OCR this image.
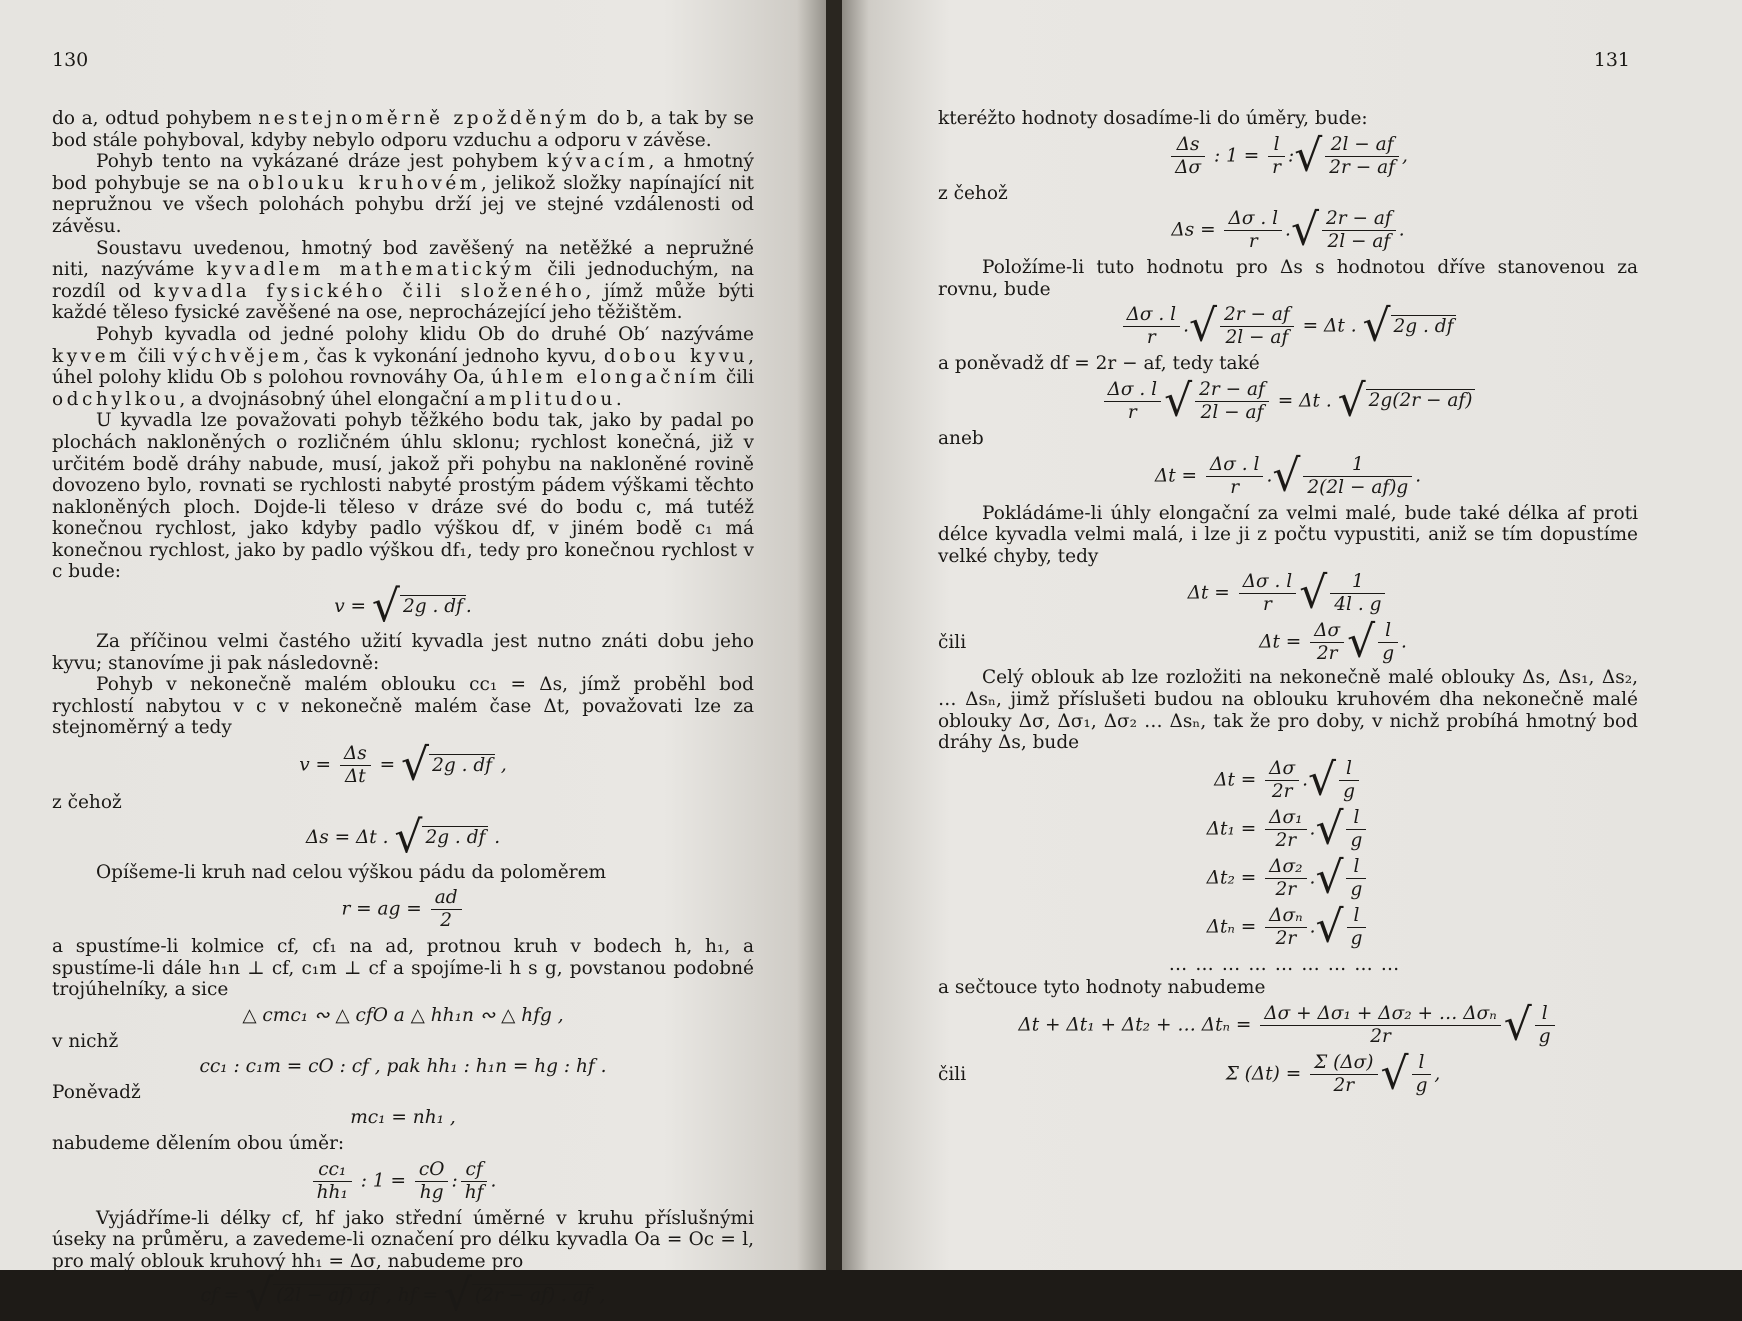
130

do a, odtud pohybem nestejnoměrně zpožděným do b, a tak by se bod stále pohyboval, kdyby nebylo odporu vzduchu a odporu v závěse.

Pohyb tento na vykázané dráze jest pohybem kývacím, a hmotný bod pohybuje se na oblouku kruhovém, jelikož složky napínající nit nepružnou ve všech polohách pohybu drží jej ve stejné vzdálenosti od závěsu.

Soustavu uvedenou, hmotný bod zavěšený na netěžké a nepružné niti, nazýváme kyvadlem mathematickým čili jednoduchým, na rozdíl od kyvadla fysického čili složeného, jímž může býti každé těleso fysické zavěšené na ose, neprocházející jeho těžištěm.

Pohyb kyvadla od jedné polohy klidu Ob do druhé Ob′ nazýváme kyvem čili výchvějem, čas k vykonání jednoho kyvu, dobou kyvu, úhel polohy klidu Ob s polohou rovnováhy Oa, úhlem elongačním čili odchylkou, a dvojnásobný úhel elongační amplitudou.

U kyvadla lze považovati pohyb těžkého bodu tak, jako by padal po plochách nakloněných o rozličném úhlu sklonu; rychlost konečná, již v určitém bodě dráhy nabude, musí, jakož při pohybu na nakloněné rovině dovozeno bylo, rovnati se rychlosti nabyté prostým pádem výškami těchto nakloněných ploch. Dojde-li těleso v dráze své do bodu c, má tutéž konečnou rychlost, jako kdyby padlo výškou df, v jiném bodě c₁ má konečnou rychlost, jako by padlo výškou df₁, tedy pro konečnou rychlost v c bude:

v = √ 2g . df .

Za příčinou velmi častého užití kyvadla jest nutno znáti dobu jeho kyvu; stanovíme ji pak následovně:

Pohyb v nekonečně malém oblouku cc₁ = Δs, jímž proběhl bod rychlostí nabytou v c v nekonečně malém čase Δt, považovati lze za stejnoměrný a tedy

$v = \frac{\Delta s}{\Delta t}$ = √ 2g . df ,
z čehož
Δs = Δt . √ 2g . df .

Opíšeme-li kruh nad celou výškou pádu da poloměrem

r = ag = $\frac{ad}{2}$

a spustíme-li kolmice cf, cf₁ na ad, protnou kruh v bodech h, h₁, a spustíme-li dále h₁n ⊥ cf, c₁m ⊥ cf a spojíme-li h s g, povstanou podobné trojúhelníky, a sice

△ cmc₁ ∾ △ cfO a △ hh₁n ∾ △ hfg ,
v nichž
cc₁ : c₁m = cO : cf , pak hh₁ : h₁n = hg : hf .
Poněvadž
mc₁ = nh₁ ,
nabudeme dělením obou úměr:
$\frac{\text{cc₁}}{\text{hh₁}}$ : $1 = \frac{cO}{hg}$ : $\frac{cf}{hf}$ .

Vyjádříme-li délky cf, hf jako střední úměrné v kruhu příslušnými úseky na průměru, a zavedeme-li označení pro délku kyvadla Oa = Oc = l, pro malý oblouk kruhový hh₁ = Δσ, nabudeme pro

cf = √ (2l − af) af , hf = √ (2r − af) . af ,
131
kteréžto hodnoty dosadíme-li do úměry, bude:
$\frac{\Delta s}{\Delta\sigma}$ : $1 = \frac{l}{r}$ :√ $\frac{2l - af}{2r - af}$ ,
z čehož
$\Delta s = \frac{\Delta\sigma . l}{r}$ .√ $\frac{2r - af}{2l - af}$ .

Položíme-li tuto hodnotu pro Δs s hodnotou dříve stanovenou za rovnu, bude

$\frac{\Delta\sigma . l}{r}$ .√ $\frac{2r - af}{2l - af} = \Delta t$ . √ 2g . df
a poněvadž df = 2r − af, tedy také
$\frac{\Delta\sigma . l}{r}$ √ $\frac{2r - af}{2l - af} = \Delta t$ . √ 2g(2r − af)
aneb
$\Delta t = \frac{\Delta\sigma . l}{r}$ .√ $\frac{1}{2(2l - af)g}$ .

Pokládáme-li úhly elongační za velmi malé, bude také délka af proti délce kyvadla velmi malá, i lze ji z počtu vypustiti, aniž se tím dopustíme velké chyby, tedy

$\Delta t = \frac{\Delta\sigma . l}{r}$ √ $\frac{1}{4l . g}$
čili	$\Delta t = \frac{\Delta\sigma}{2r}$ √ $\frac{l}{g}$ .

Celý oblouk ab lze rozložiti na nekonečně malé oblouky Δs, Δs₁, Δs₂, … Δsₙ, jimž příslušeti budou na oblouku kruhovém dha nekonečně malé oblouky Δσ, Δσ₁, Δσ₂ … Δsₙ, tak že pro doby, v nichž probíhá hmotný bod dráhy Δs, bude

$\Delta t = \frac{\Delta\sigma}{2r}$ .√ $\frac{l}{g}$
$\Delta t_1 = \frac{\text{Δσ₁}}{2r}$ .√ $\frac{l}{g}$
$\Delta t_2 = \frac{\text{Δσ₂}}{2r}$ .√ $\frac{l}{g}$
$\Delta t_n = \frac{\text{Δσₙ}}{2r}$ .√ $\frac{l}{g}$
………………………
a sečtouce tyto hodnoty nabudeme
Δt + Δt₁ + Δt₂ + … $\Delta t_n = \frac{\text{Δσ + Δσ₁ + Δσ₂ + … Δσₙ}}{2r}$ √ $\frac{l}{g}$
čili	Σ $(\Delta t) = \frac{\Sigma (\Delta\sigma)}{2r}$ √ $\frac{l}{g}$ ,
